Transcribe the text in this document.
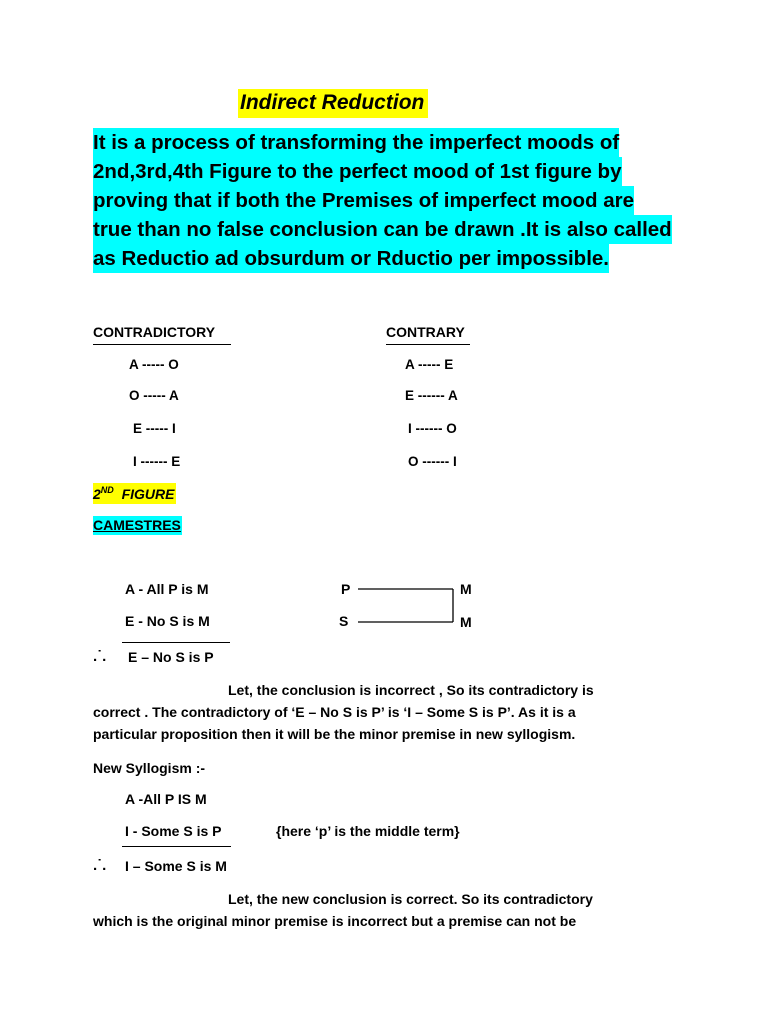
Indirect Reduction
It is a process of transforming the imperfect moods of
2nd,3rd,4th Figure to the perfect mood of 1st figure by
proving that if both the Premises of imperfect mood are
true than no false conclusion can be drawn .It is also called
as Reductio ad obsurdum or Rductio per impossible.
CONTRADICTORY
A ----- O
O ----- A
E ----- I
I ------ E
CONTRARY
A ----- E
E ------ A
I ------ O
O ------ I
2ND FIGURE
CAMESTRES
A - All P is M
E - No S is M
.˙. E – No S is P
P
S
M
M
Let, the conclusion is incorrect , So its contradictory is
correct . The contradictory of ‘E – No S is P’ is ‘I – Some S is P’. As it is a
particular proposition then it will be the minor premise in new syllogism.
New Syllogism :-
A -All P IS M
I - Some S is P	{here ‘p’ is the middle term}
.˙. I – Some S is M
Let, the new conclusion is correct. So its contradictory
which is the original minor premise is incorrect but a premise can not be
